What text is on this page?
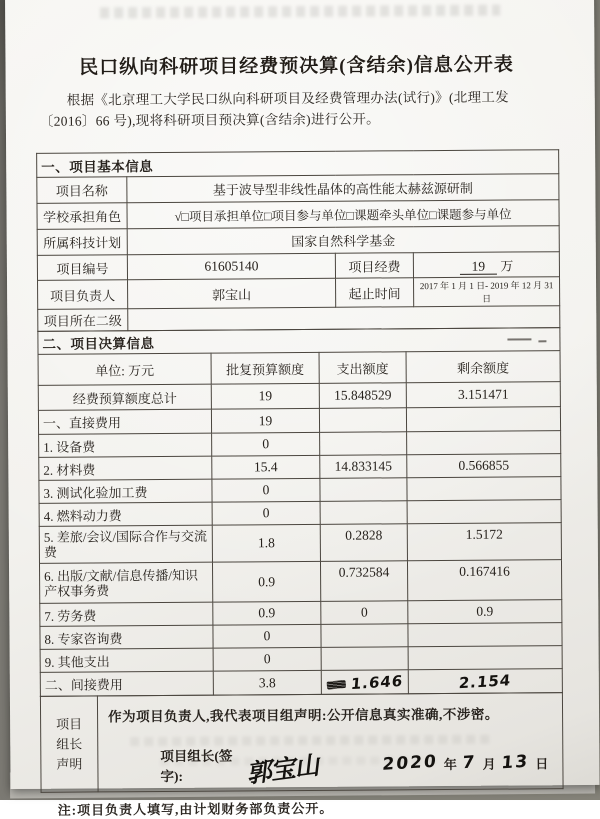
民口纵向科研项目经费预决算(含结余)信息公开表
根据《北京理工大学民口纵向科研项目及经费管理办法(试行)》(北理工发〔2016〕66 号),现将科研项目预决算(含结余)进行公开。
一、项目基本信息			
项目名称	基于波导型非线性晶体的高性能太赫兹源研制		
学校承担角色	√□项目承担单位□项目参与单位□课题牵头单位□课题参与单位		
所属科技计划	国家自然科学基金		
项目编号	61605140	项目经费	19 万
项目负责人	郭宝山	起止时间	2017 年 1 月 1 日- 2019 年 12 月 31 日
项目所在二级			
二、项目决算信息			
单位: 万元	批复预算额度	支出额度	剩余额度
经费预算额度总计	19	15.848529	3.151471
一、直接费用	19		
1. 设备费	0		
2. 材料费	15.4	14.833145	0.566855
3. 测试化验加工费	0		
4. 燃料动力费	0		
5. 差旅/会议/国际合作与交流费	1.8	0.2828	1.5172
6. 出版/文献/信息传播/知识产权事务费	0.9	0.732584	0.167416
7. 劳务费	0.9	0	0.9
8. 专家咨询费	0		
9. 其他支出	0		
二、间接费用	3.8	1.646	2.154
项目
组长
声明

作为项目负责人,我代表项目组声明:公开信息真实准确,不涉密。
项目组长(签字):	郭宝山	2020 年 7 月 13 日
注:项目负责人填写,由计划财务部负责公开。
